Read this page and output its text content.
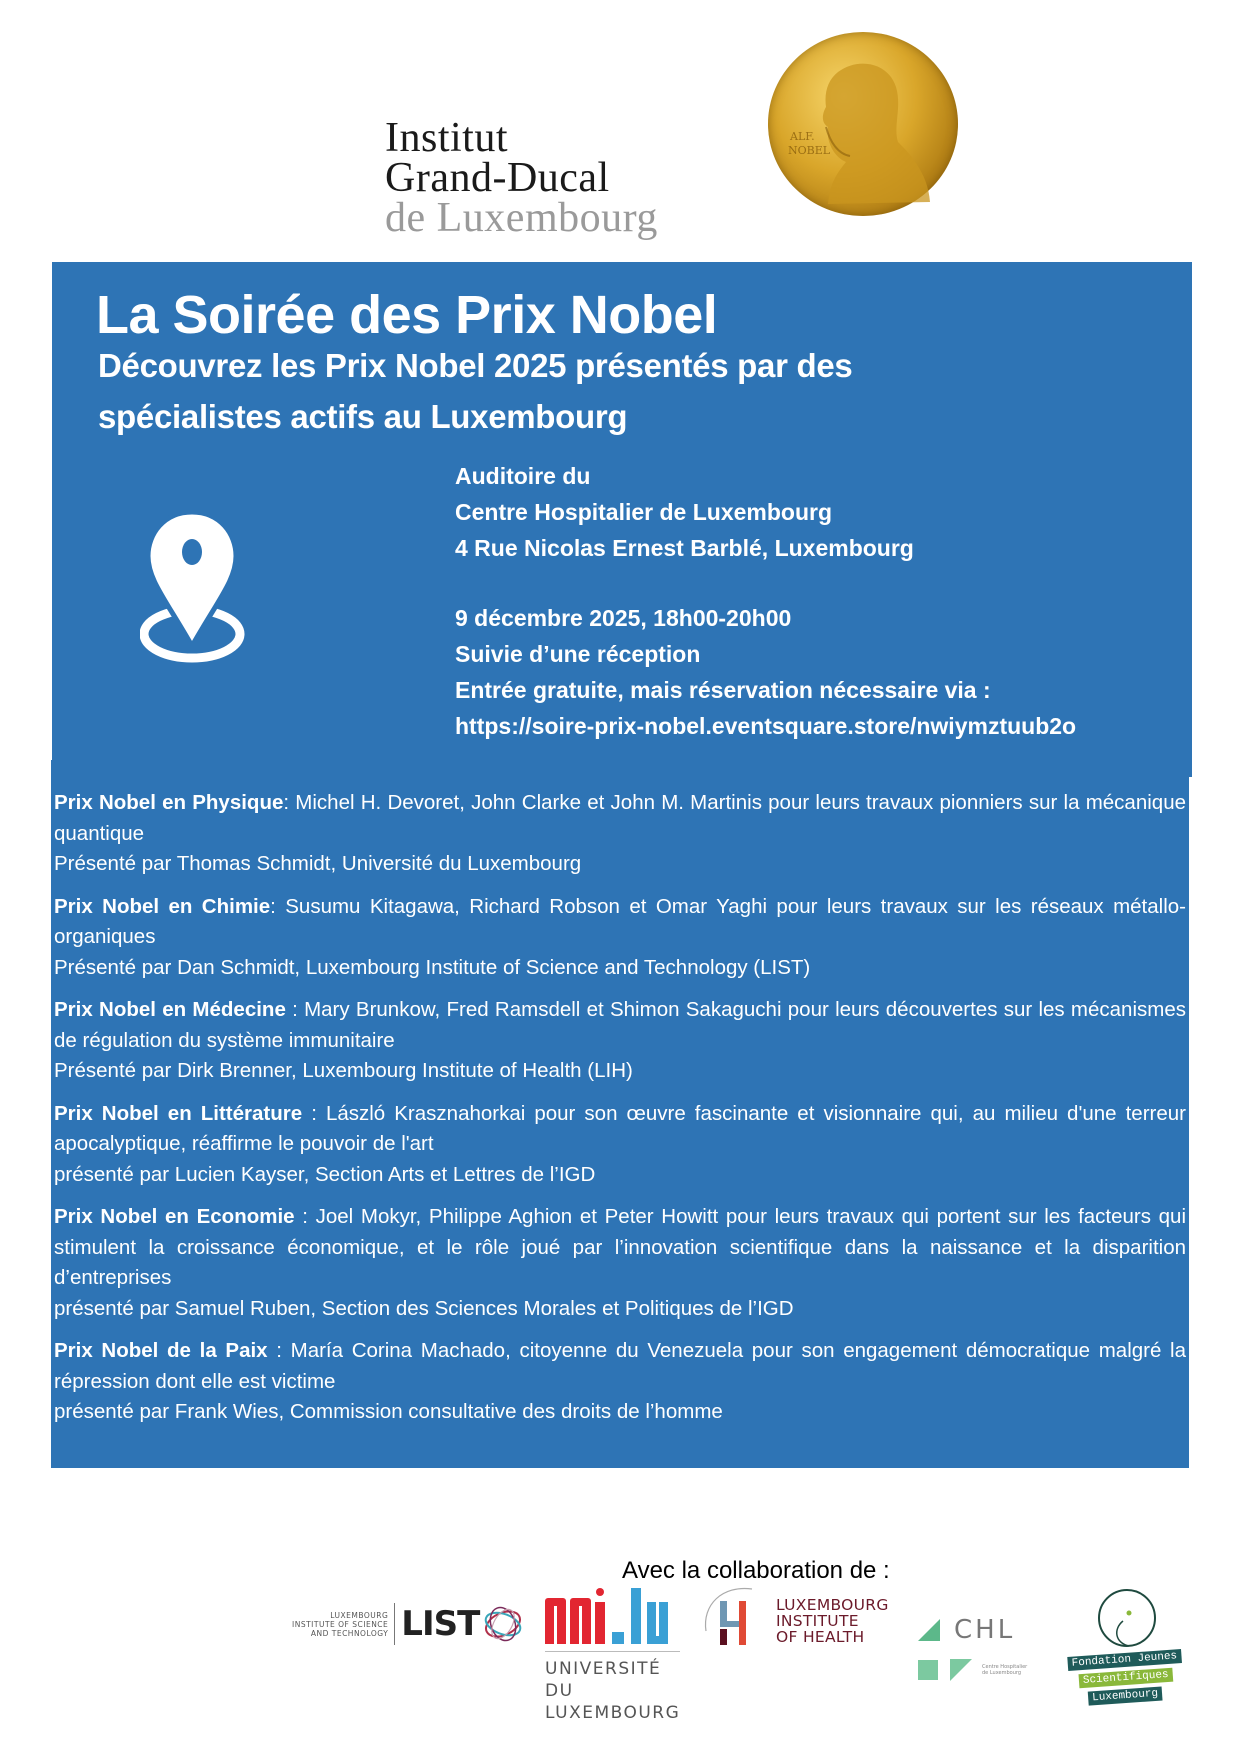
Institut
Grand-Ducal
de Luxembourg
ALF.
NOBEL
La Soirée des Prix Nobel
Découvrez les Prix Nobel 2025 présentés par des spécialistes actifs au Luxembourg
Auditoire du
Centre Hospitalier de Luxembourg
4 Rue Nicolas Ernest Barblé, Luxembourg
9 décembre 2025, 18h00-20h00
Suivie d’une réception
Entrée gratuite, mais réservation nécessaire via :
https://soire-prix-nobel.eventsquare.store/nwiymztuub2o
Prix Nobel en Physique: Michel H. Devoret, John Clarke et John M. Martinis pour leurs travaux pionniers sur la mécanique quantique
Présenté par Thomas Schmidt, Université du Luxembourg
Prix Nobel en Chimie: Susumu Kitagawa, Richard Robson et Omar Yaghi pour leurs travaux sur les réseaux métallo-organiques
Présenté par Dan Schmidt, Luxembourg Institute of Science and Technology (LIST)
Prix Nobel en Médecine : Mary Brunkow, Fred Ramsdell et Shimon Sakaguchi pour leurs découvertes sur les mécanismes de régulation du système immunitaire
Présenté par Dirk Brenner, Luxembourg Institute of Health (LIH)
Prix Nobel en Littérature : László Krasznahorkai pour son œuvre fascinante et visionnaire qui, au milieu d'une terreur apocalyptique, réaffirme le pouvoir de l'art
présenté par Lucien Kayser, Section Arts et Lettres de l’IGD
Prix Nobel en Economie : Joel Mokyr, Philippe Aghion et Peter Howitt pour leurs travaux qui portent sur les facteurs qui stimulent la croissance économique, et le rôle joué par l’innovation scientifique dans la naissance et la disparition d’entreprises
présenté par Samuel Ruben, Section des Sciences Morales et Politiques de l’IGD
Prix Nobel de la Paix : María Corina Machado, citoyenne du Venezuela pour son engagement démocratique malgré la répression dont elle est victime
présenté par Frank Wies, Commission consultative des droits de l’homme
Avec la collaboration de :
LUXEMBOURG
INSTITUTE OF SCIENCE
AND TECHNOLOGY LIST
UNIVERSITÉ DU
LUXEMBOURG
LUXEMBOURG
INSTITUTE
OF HEALTH	CHL
Centre Hospitalier
de Luxembourg
Fondation Jeunes
Scientifiques
Luxembourg
